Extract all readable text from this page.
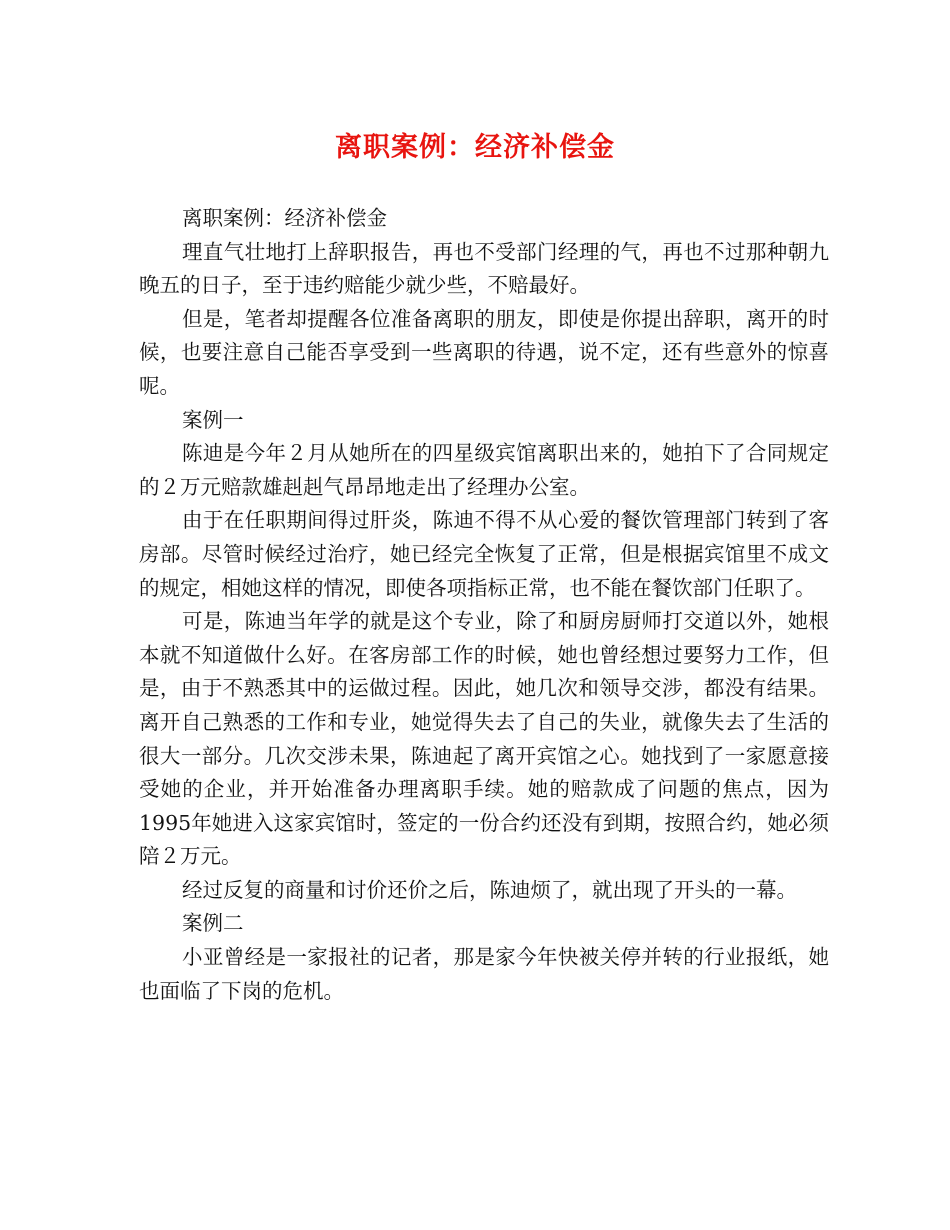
离职案例：经济补偿金

离职案例：经济补偿金

理直气壮地打上辞职报告，再也不受部门经理的气，再也不过那种朝九晚五的日子，至于违约赔能少就少些，不赔最好。

但是，笔者却提醒各位准备离职的朋友，即使是你提出辞职，离开的时候，也要注意自己能否享受到一些离职的待遇，说不定，还有些意外的惊喜呢。

案例一

陈迪是今年２月从她所在的四星级宾馆离职出来的，她拍下了合同规定的２万元赔款雄赳赳气昂昂地走出了经理办公室。

由于在任职期间得过肝炎，陈迪不得不从心爱的餐饮管理部门转到了客房部。尽管时候经过治疗，她已经完全恢复了正常，但是根据宾馆里不成文的规定，相她这样的情况，即使各项指标正常，也不能在餐饮部门任职了。

可是，陈迪当年学的就是这个专业，除了和厨房厨师打交道以外，她根本就不知道做什么好。在客房部工作的时候，她也曾经想过要努力工作，但是，由于不熟悉其中的运做过程。因此，她几次和领导交涉，都没有结果。离开自己熟悉的工作和专业，她觉得失去了自己的失业，就像失去了生活的很大一部分。几次交涉未果，陈迪起了离开宾馆之心。她找到了一家愿意接受她的企业，并开始准备办理离职手续。她的赔款成了问题的焦点，因为1995年她进入这家宾馆时，签定的一份合约还没有到期，按照合约，她必须陪２万元。

经过反复的商量和讨价还价之后，陈迪烦了，就出现了开头的一幕。

案例二

小亚曾经是一家报社的记者，那是家今年快被关停并转的行业报纸，她也面临了下岗的危机。
